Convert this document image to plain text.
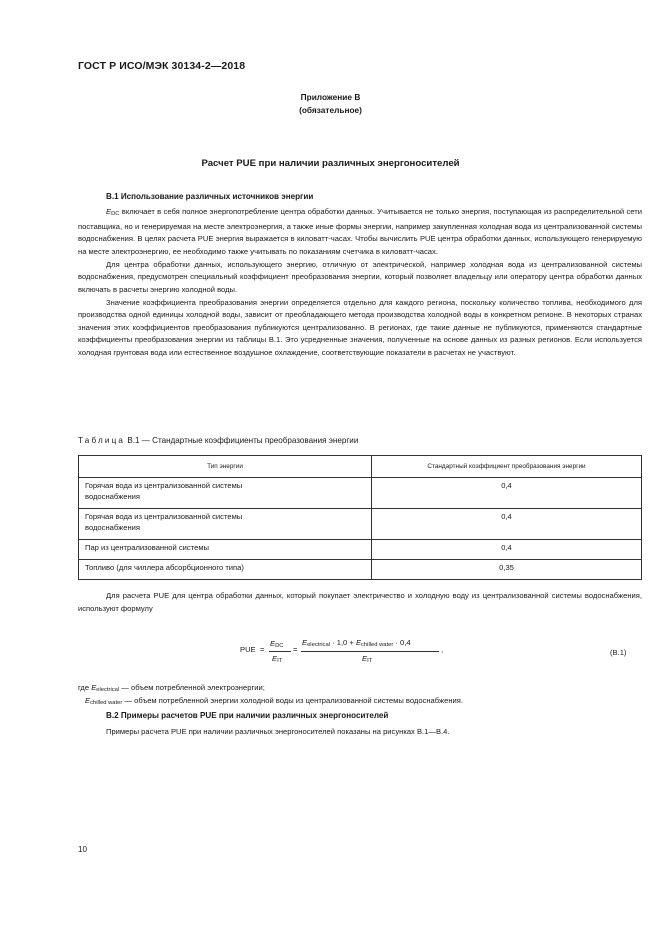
ГОСТ Р ИСО/МЭК 30134-2—2018
Приложение В
(обязательное)
Расчет PUE при наличии различных энергоносителей
В.1 Использование различных источников энергии

EDC включает в себя полное энергопотребление центра обработки данных. Учитывается не только энергия, поступающая из распределительной сети поставщика, но и генерируемая на месте электроэнергия, а также иные формы энергии, например закупленная холодная вода из централизованной системы водоснабжения. В целях расчета PUE энергия выражается в киловатт-часах. Чтобы вычислить PUE центра обработки данных, использующего генерируемую на месте электроэнергию, ее необходимо также учитывать по показаниям счетчика в киловатт-часах.

Для центра обработки данных, использующего энергию, отличную от электрической, например холодная вода из централизованной системы водоснабжения, предусмотрен специальный коэффициент преобразования энергии, который позволяет владельцу или оператору центра обработки данных включать в расчеты энергию холодной воды.

Значение коэффициента преобразования энергии определяется отдельно для каждого региона, поскольку количество топлива, необходимого для производства одной единицы холодной воды, зависит от преобладающего метода производства холодной воды в конкретном регионе. В некоторых странах значения этих коэффициентов преобразования публикуются централизованно. В регионах, где такие данные не публикуются, применяются стандартные коэффициенты преобразования энергии из таблицы В.1. Это усредненные значения, полученные на основе данных из разных регионов. Если используется холодная грунтовая вода или естественное воздушное охлаждение, соответствующие показатели в расчетах не участвуют.

Таблица В.1 — Стандартные коэффициенты преобразования энергии
Тип энергии	Стандартный коэффициент преобразования энергии
Горячая вода из централизованной системы
водоснабжения	0,4
Горячая вода из централизованной системы
водоснабжения	0,4
Пар из централизованной системы	0,4
Топливо (для чиллера абсорбционного типа)	0,35

Для расчета PUE для центра обработки данных, который покупает электричество и холодную воду из централизованной системы водоснабжения, используют формулу

PUE =
EDC
EIT
=
Eelectrical · 1,0 + Echilled water · 0,4
EIT
,	(В.1)
где Eelectrical — объем потребленной электроэнергии;
Echilled water — объем потребленной энергии холодной воды из централизованной системы водоснабжения.
В.2 Примеры расчетов PUE при наличии различных энергоносителей
Примеры расчета PUE при наличии различных энергоносителей показаны на рисунках В.1—В.4.
10
